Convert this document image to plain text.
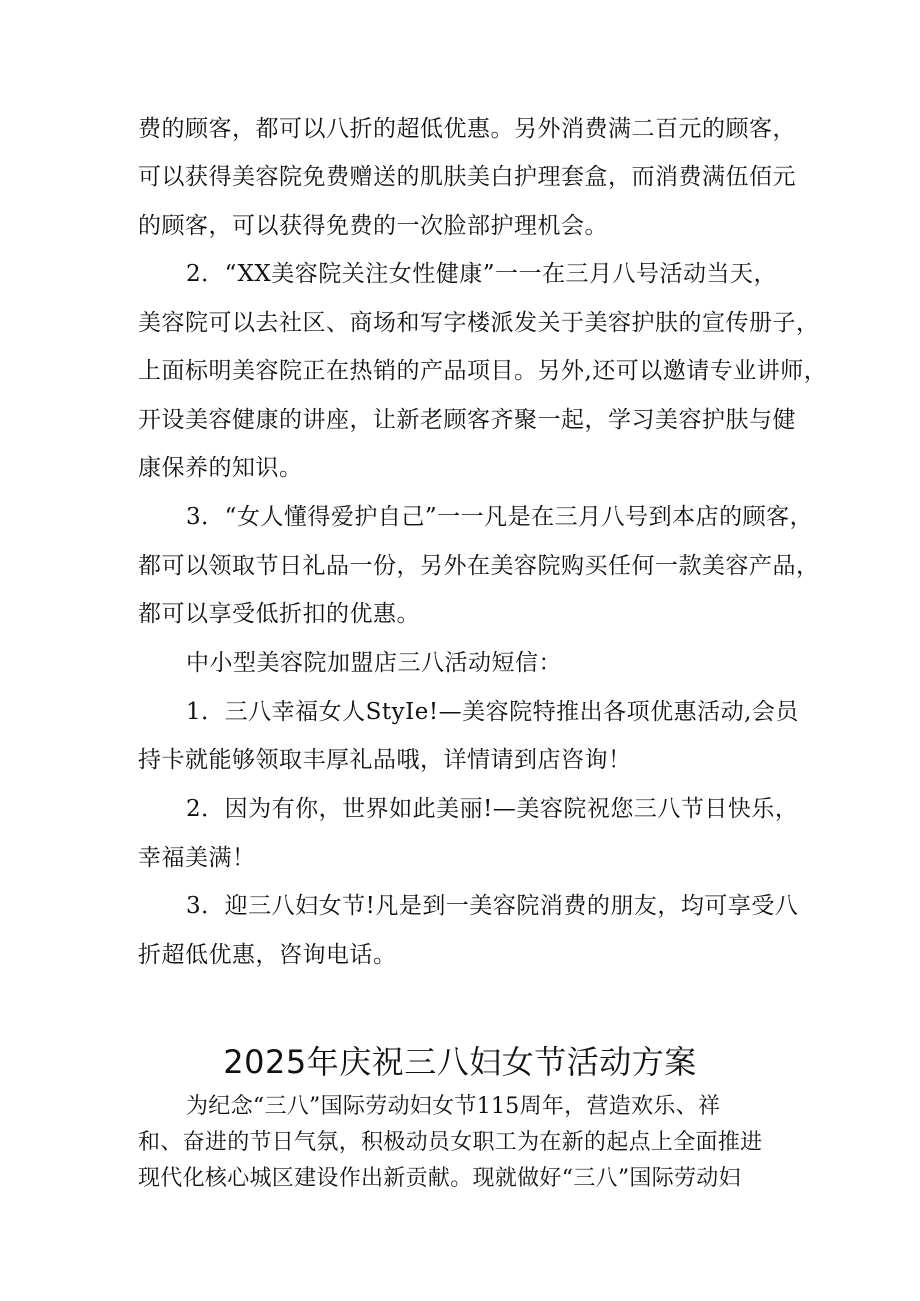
费的顾客，都可以八折的超低优惠。另外消费满二百元的顾客，
可以获得美容院免费赠送的肌肤美白护理套盒，而消费满伍佰元
的顾客，可以获得免费的一次脸部护理机会。
2．“XX美容院关注女性健康”一一在三月八号活动当天，
美容院可以去社区、商场和写字楼派发关于美容护肤的宣传册子，
上面标明美容院正在热销的产品项目。另外,还可以邀请专业讲师，
开设美容健康的讲座，让新老顾客齐聚一起，学习美容护肤与健
康保养的知识。
3．“女人懂得爱护自己”一一凡是在三月八号到本店的顾客，
都可以领取节日礼品一份，另外在美容院购买任何一款美容产品，
都可以享受低折扣的优惠。
中小型美容院加盟店三八活动短信：
1．三八幸福女人StyIe!—美容院特推出各项优惠活动,会员
持卡就能够领取丰厚礼品哦，详情请到店咨询！
2．因为有你，世界如此美丽!—美容院祝您三八节日快乐，
幸福美满！
3．迎三八妇女节!凡是到一美容院消费的朋友，均可享受八
折超低优惠，咨询电话。
2025年庆祝三八妇女节活动方案
为纪念“三八”国际劳动妇女节115周年，营造欢乐、祥
和、奋进的节日气氛，积极动员女职工为在新的起点上全面推进
现代化核心城区建设作出新贡献。现就做好“三八”国际劳动妇
